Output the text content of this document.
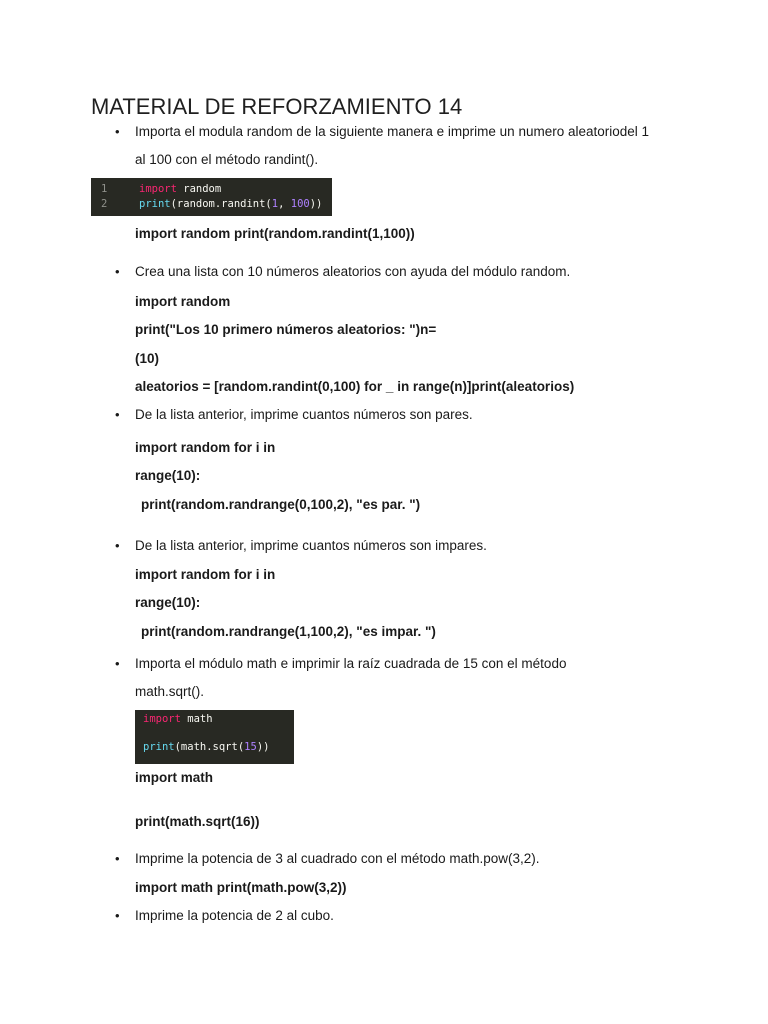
MATERIAL DE REFORZAMIENTO 14
• Importa el modula random de la siguiente manera e imprime un numero aleatoriodel 1
al 100 con el método randint().
1	import random
2	print(random.randint(1, 100))
import random print(random.randint(1,100))
• Crea una lista con 10 números aleatorios con ayuda del módulo random.
import random
print("Los 10 primero números aleatorios: ")n=
(10)
aleatorios = [random.randint(0,100) for _ in range(n)]print(aleatorios)
• De la lista anterior, imprime cuantos números son pares.
import random for i in
range(10):
print(random.randrange(0,100,2), "es par. ")
• De la lista anterior, imprime cuantos números son impares.
import random for i in
range(10):
print(random.randrange(1,100,2), "es impar. ")
• Importa el módulo math e imprimir la raíz cuadrada de 15 con el método
math.sqrt().
import math
print(math.sqrt(15))
import math
print(math.sqrt(16))
• Imprime la potencia de 3 al cuadrado con el método math.pow(3,2).
import math print(math.pow(3,2))
• Imprime la potencia de 2 al cubo.
